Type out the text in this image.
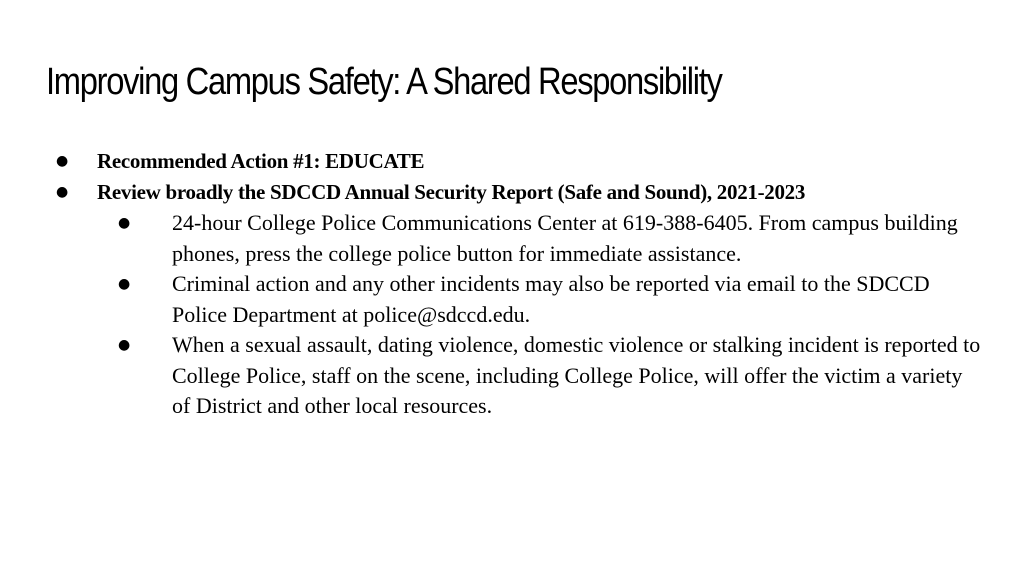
Improving Campus Safety: A Shared Responsibility
● Recommended Action #1: EDUCATE
● Review broadly the SDCCD Annual Security Report (Safe and Sound), 2021-2023
● 24-hour College Police Communications Center at 619-388-6405. From campus building phones, press the college police button for immediate assistance.
● Criminal action and any other incidents may also be reported via email to the SDCCD Police Department at police@sdccd.edu.
● When a sexual assault, dating violence, domestic violence or stalking incident is reported to College Police, staff on the scene, including College Police, will offer the victim a variety of District and other local resources.
